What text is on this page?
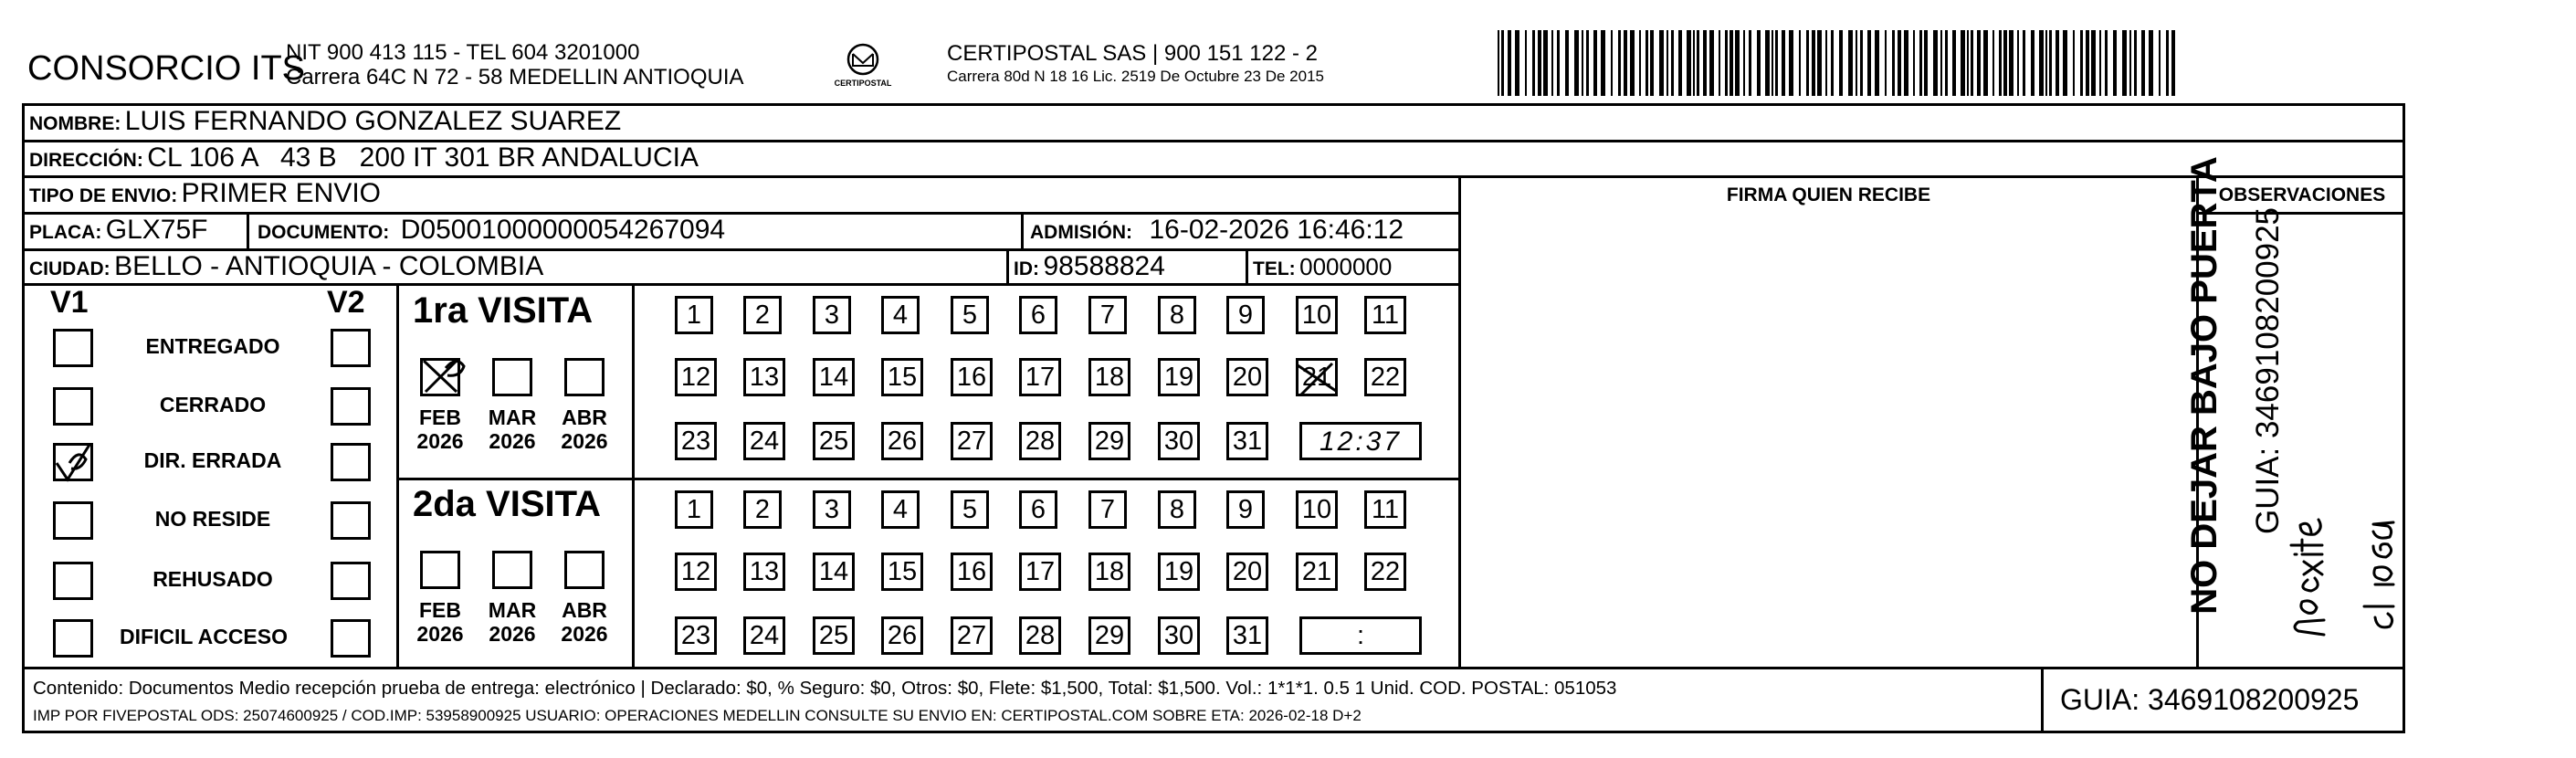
CONSORCIO ITS
NIT 900 413 115 - TEL 604 3201000
Carrera 64C N 72 - 58 MEDELLIN ANTIOQUIA	CERTIPOSTAL
CERTIPOSTAL SAS | 900 151 122 - 2
Carrera 80d N 18 16 Lic. 2519 De Octubre 23 De 2015
NOMBRE: LUIS FERNANDO GONZALEZ SUAREZ
DIRECCIÓN: CL 106 A   43 B   200 IT 301 BR ANDALUCIA
TIPO DE ENVIO: PRIMER ENVIO	FIRMA QUIEN RECIBE	OBSERVACIONES
PLACA: GLX75F	DOCUMENTO: D05001000000054267094	ADMISIÓN: 16-02-2026 16:46:12
CIUDAD: BELLO - ANTIOQUIA - COLOMBIA	ID: 98588824	TEL: 0000000
V1	V2
ENTREGADO
CERRADO
DIR. ERRADA
NO RESIDE
REHUSADO
DIFICIL ACCESO
1ra VISITA
2da VISITA
1	2	3	4	5	6	7	8	9	10 11
12 13 14 15 16 17 18 19 20 21 22
23 24 25 26 27 28 29 30 31	12:37
1	2	3	4	5	6	7	8	9	10 11
12 13 14 15 16 17 18 19 20 21 22
23 24 25 26 27 28 29 30 31	:
FEB
2026
MAR
2026
ABR
2026
FEB
2026
MAR
2026
ABR
2026
Contenido: Documentos Medio recepción prueba de entrega: electrónico | Declarado: $0, % Seguro: $0, Otros: $0, Flete: $1,500, Total: $1,500. Vol.: 1*1*1. 0.5 1 Unid. COD. POSTAL: 051053
IMP POR FIVEPOSTAL ODS: 25074600925 / COD.IMP: 53958900925 USUARIO: OPERACIONES MEDELLIN CONSULTE SU ENVIO EN: CERTIPOSTAL.COM SOBRE ETA: 2026-02-18 D+2	GUIA: 3469108200925
NO DEJAR BAJO PUERTA GUIA: 3469108200925
